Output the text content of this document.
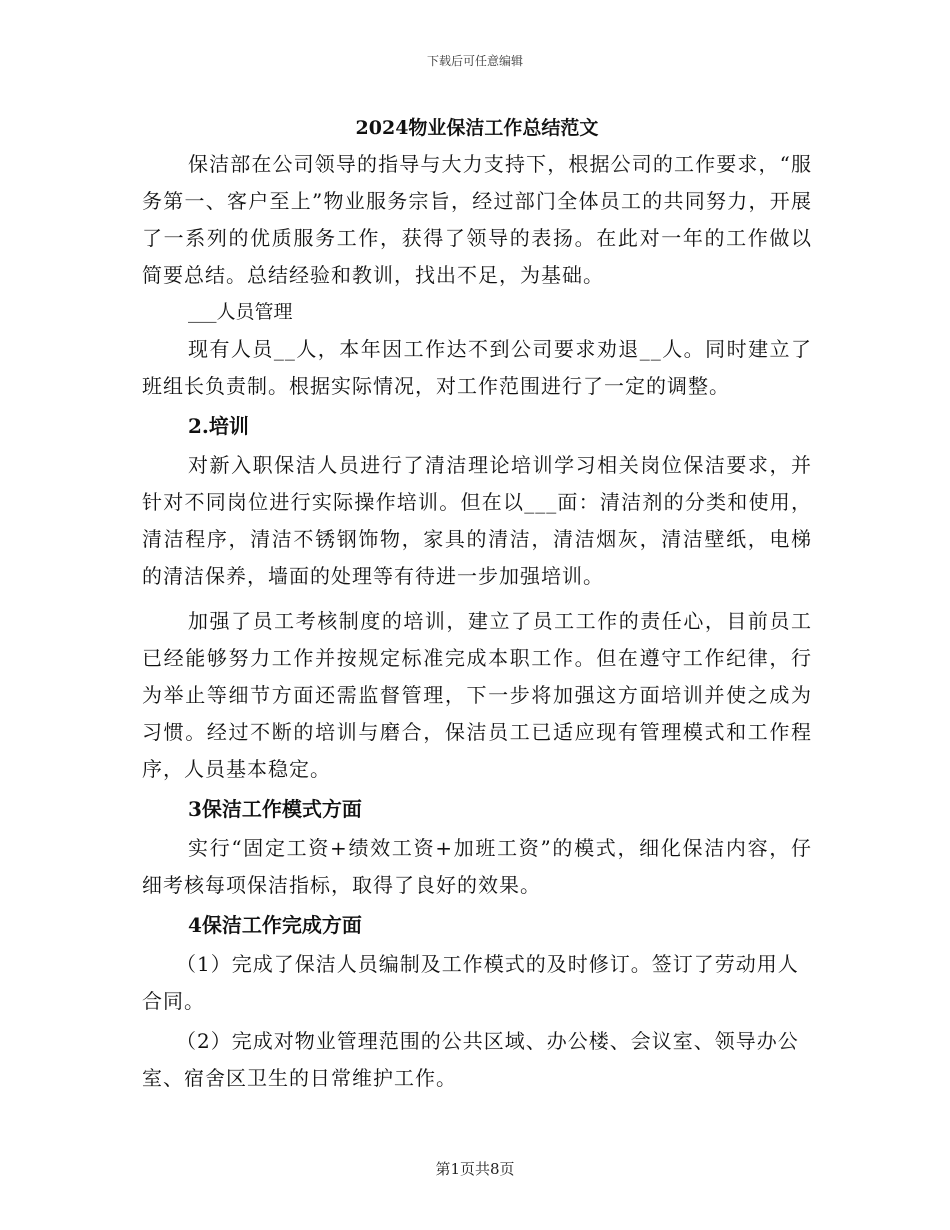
下载后可任意编辑
2024物业保洁工作总结范文

保洁部在公司领导的指导与大力支持下，根据公司的工作要求，“服务第一、客户至上”物业服务宗旨，经过部门全体员工的共同努力，开展了一系列的优质服务工作，获得了领导的表扬。在此对一年的工作做以简要总结。总结经验和教训，找出不足，为基础。

___人员管理

现有人员__人，本年因工作达不到公司要求劝退__人。同时建立了班组长负责制。根据实际情况，对工作范围进行了一定的调整。

2.培训

对新入职保洁人员进行了清洁理论培训学习相关岗位保洁要求，并针对不同岗位进行实际操作培训。但在以___面：清洁剂的分类和使用，清洁程序，清洁不锈钢饰物，家具的清洁，清洁烟灰，清洁壁纸，电梯的清洁保养，墙面的处理等有待进一步加强培训。

加强了员工考核制度的培训，建立了员工工作的责任心，目前员工已经能够努力工作并按规定标准完成本职工作。但在遵守工作纪律，行为举止等细节方面还需监督管理，下一步将加强这方面培训并使之成为习惯。经过不断的培训与磨合，保洁员工已适应现有管理模式和工作程序，人员基本稳定。

3保洁工作模式方面

实行“固定工资+绩效工资+加班工资”的模式，细化保洁内容，仔细考核每项保洁指标，取得了良好的效果。

4保洁工作完成方面

（1）完成了保洁人员编制及工作模式的及时修订。签订了劳动用人合同。

（2）完成对物业管理范围的公共区域、办公楼、会议室、领导办公室、宿舍区卫生的日常维护工作。

第1页共8页
